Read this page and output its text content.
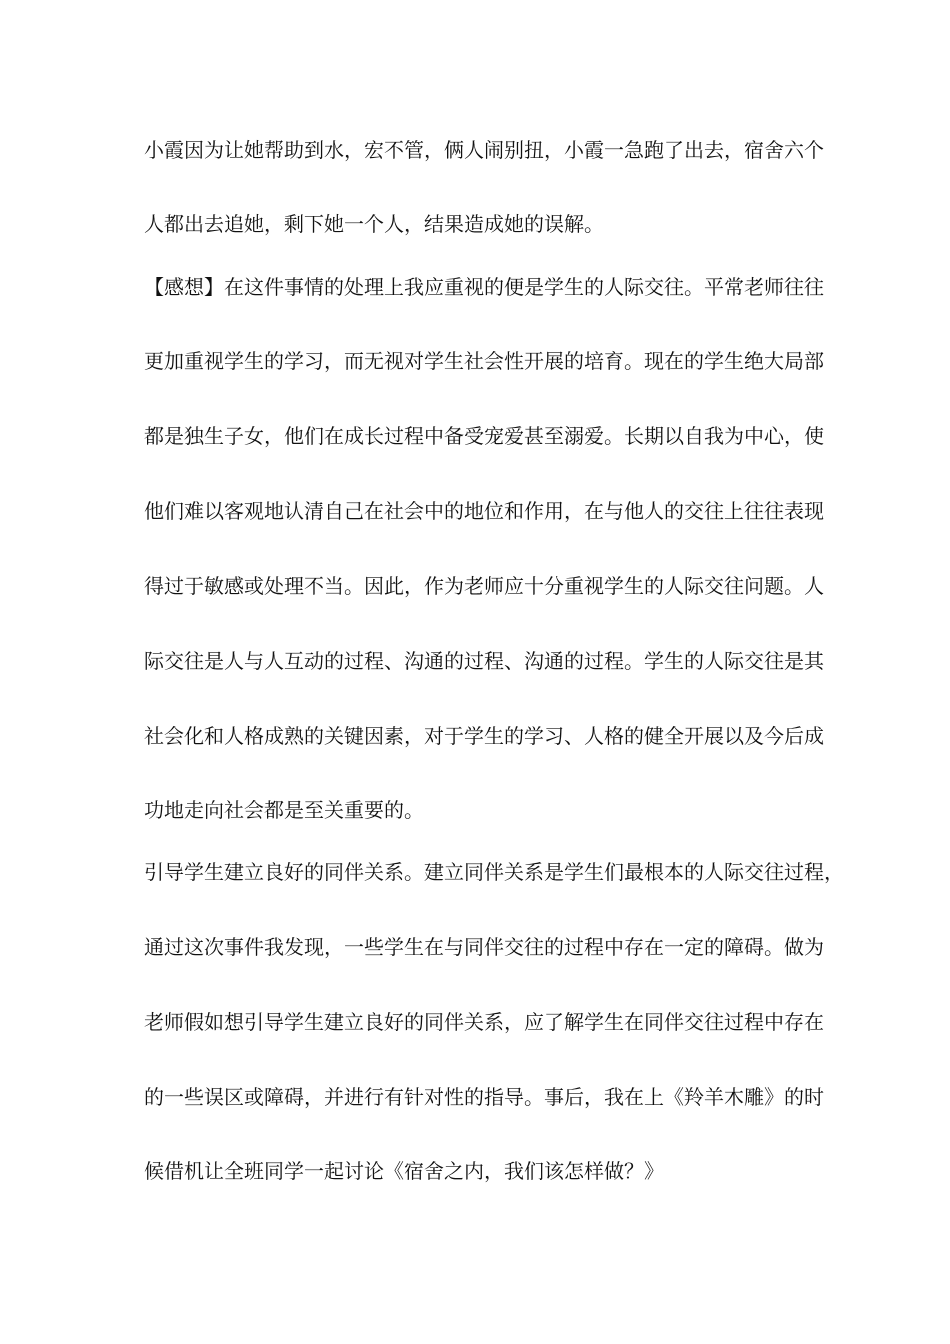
小霞因为让她帮助到水，宏不管，俩人闹别扭，小霞一急跑了出去，宿舍六个
人都出去追她，剩下她一个人，结果造成她的误解。
【感想】在这件事情的处理上我应重视的便是学生的人际交往。平常老师往往
更加重视学生的学习，而无视对学生社会性开展的培育。现在的学生绝大局部
都是独生子女，他们在成长过程中备受宠爱甚至溺爱。长期以自我为中心，使
他们难以客观地认清自己在社会中的地位和作用，在与他人的交往上往往表现
得过于敏感或处理不当。因此，作为老师应十分重视学生的人际交往问题。人
际交往是人与人互动的过程、沟通的过程、沟通的过程。学生的人际交往是其
社会化和人格成熟的关键因素，对于学生的学习、人格的健全开展以及今后成
功地走向社会都是至关重要的。
引导学生建立良好的同伴关系。建立同伴关系是学生们最根本的人际交往过程，
通过这次事件我发现，一些学生在与同伴交往的过程中存在一定的障碍。做为
老师假如想引导学生建立良好的同伴关系，应了解学生在同伴交往过程中存在
的一些误区或障碍，并进行有针对性的指导。事后，我在上《羚羊木雕》的时
候借机让全班同学一起讨论《宿舍之内，我们该怎样做？》
